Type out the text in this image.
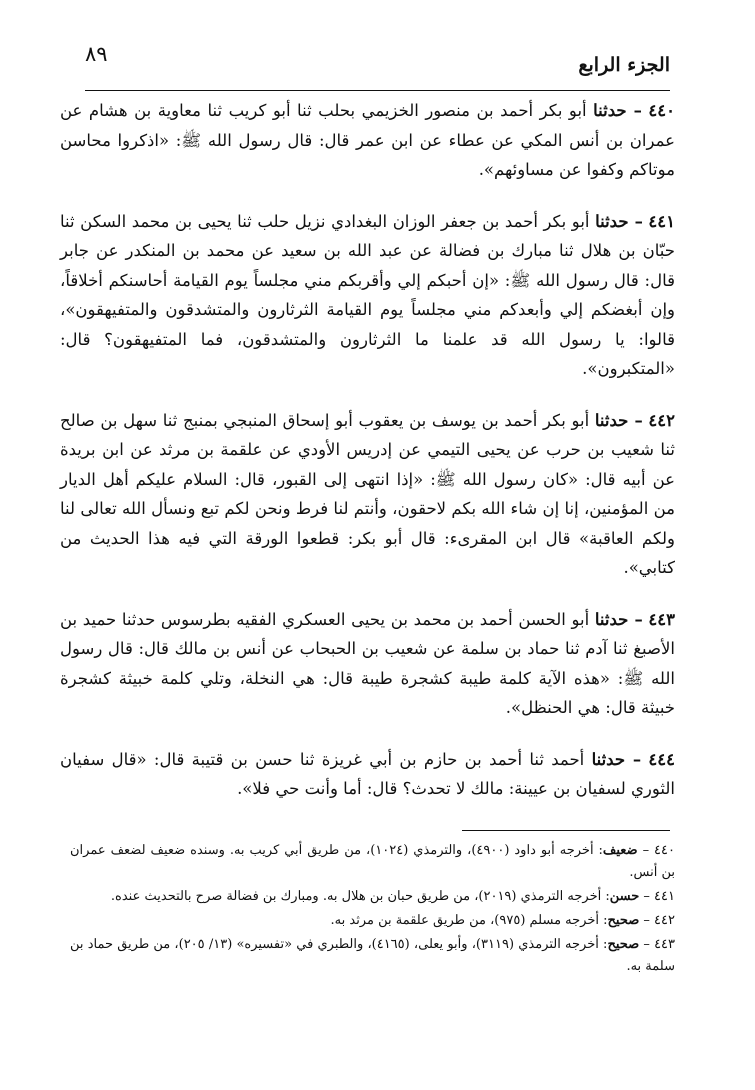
٨٩	الجزء الرابع

٤٤٠ – حدثنا أبو بكر أحمد بن منصور الخزيمي بحلب ثنا أبو كريب ثنا معاوية بن هشام عن عمران بن أنس المكي عن عطاء عن ابن عمر قال: قال رسول الله ﷺ: «اذكروا محاسن موتاكم وكفوا عن مساوئهم».

٤٤١ – حدثنا أبو بكر أحمد بن جعفر الوزان البغدادي نزيل حلب ثنا يحيى بن محمد السكن ثنا حبّان بن هلال ثنا مبارك بن فضالة عن عبد الله بن سعيد عن محمد بن المنكدر عن جابر قال: قال رسول الله ﷺ: «إن أحبكم إلي وأقربكم مني مجلساً يوم القيامة أحاسنكم أخلاقاً، وإن أبغضكم إلي وأبعدكم مني مجلساً يوم القيامة الثرثارون والمتشدقون والمتفيهقون»، قالوا: يا رسول الله قد علمنا ما الثرثارون والمتشدقون، فما المتفيهقون؟ قال: «المتكبرون».

٤٤٢ – حدثنا أبو بكر أحمد بن يوسف بن يعقوب أبو إسحاق المنبجي بمنبج ثنا سهل بن صالح ثنا شعيب بن حرب عن يحيى التيمي عن إدريس الأودي عن علقمة بن مرثد عن ابن بريدة عن أبيه قال: «كان رسول الله ﷺ: «إذا انتهى إلى القبور، قال: السلام عليكم أهل الديار من المؤمنين، إنا إن شاء الله بكم لاحقون، وأنتم لنا فرط ونحن لكم تبع ونسأل الله تعالى لنا ولكم العاقبة» قال ابن المقرىء: قال أبو بكر: قطعوا الورقة التي فيه هذا الحديث من كتابي».

٤٤٣ – حدثنا أبو الحسن أحمد بن محمد بن يحيى العسكري الفقيه بطرسوس حدثنا حميد بن الأصبغ ثنا آدم ثنا حماد بن سلمة عن شعيب بن الحبحاب عن أنس بن مالك قال: قال رسول الله ﷺ: «هذه الآية كلمة طيبة كشجرة طيبة قال: هي النخلة، وتلي كلمة خبيثة كشجرة خبيثة قال: هي الحنظل».

٤٤٤ – حدثنا أحمد ثنا أحمد بن حازم بن أبي غريزة ثنا حسن بن قتيبة قال: «قال سفيان الثوري لسفيان بن عيينة: مالك لا تحدث؟ قال: أما وأنت حي فلا».

٤٤٠ – ضعيف: أخرجه أبو داود (٤٩٠٠)، والترمذي (١٠٢٤)، من طريق أبي كريب به. وسنده ضعيف لضعف عمران بن أنس.

٤٤١ – حسن: أخرجه الترمذي (٢٠١٩)، من طريق حبان بن هلال به. ومبارك بن فضالة صرح بالتحديث عنده.

٤٤٢ – صحيح: أخرجه مسلم (٩٧٥)، من طريق علقمة بن مرثد به.

٤٤٣ – صحيح: أخرجه الترمذي (٣١١٩)، وأبو يعلى، (٤١٦٥)، والطبري في «تفسيره» (١٣/ ٢٠٥)، من طريق حماد بن سلمة به.
